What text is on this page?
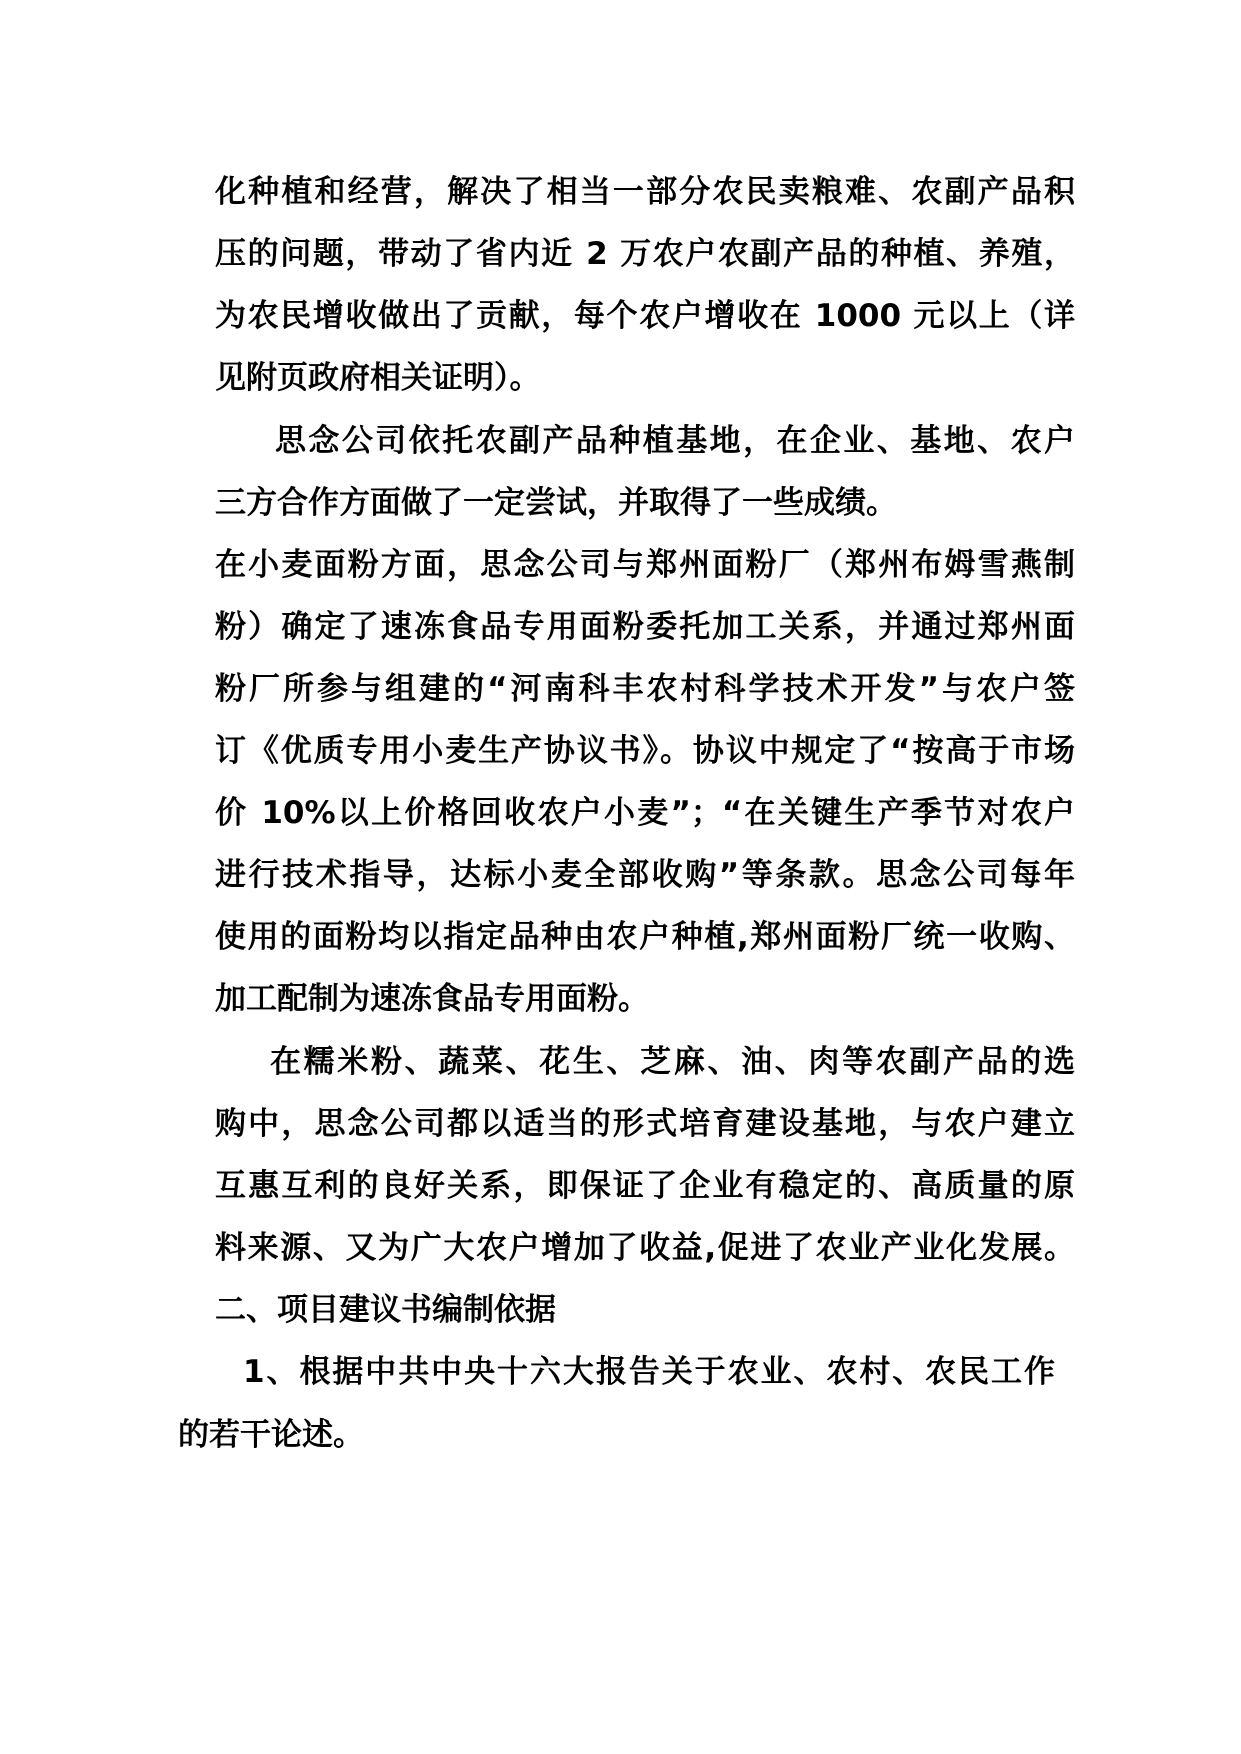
化种植和经营，解决了相当一部分农民卖粮难、农副产品积
压的问题，带动了省内近 2 万农户农副产品的种植、养殖，
为农民增收做出了贡献，每个农户增收在 1000 元以上（详
见附页政府相关证明）。
思念公司依托农副产品种植基地，在企业、基地、农户
三方合作方面做了一定尝试，并取得了一些成绩。
在小麦面粉方面，思念公司与郑州面粉厂（郑州布姆雪燕制
粉）确定了速冻食品专用面粉委托加工关系，并通过郑州面
粉厂所参与组建的“河南科丰农村科学技术开发”与农户签
订《优质专用小麦生产协议书》。协议中规定了“按高于市场
价 10%以上价格回收农户小麦”；“在关键生产季节对农户
进行技术指导，达标小麦全部收购”等条款。思念公司每年
使用的面粉均以指定品种由农户种植,郑州面粉厂统一收购、
加工配制为速冻食品专用面粉。
在糯米粉、蔬菜、花生、芝麻、油、肉等农副产品的选
购中，思念公司都以适当的形式培育建设基地，与农户建立
互惠互利的良好关系，即保证了企业有稳定的、高质量的原
料来源、又为广大农户增加了收益,促进了农业产业化发展。
二、项目建议书编制依据
1、根据中共中央十六大报告关于农业、农村、农民工作
的若干论述。
